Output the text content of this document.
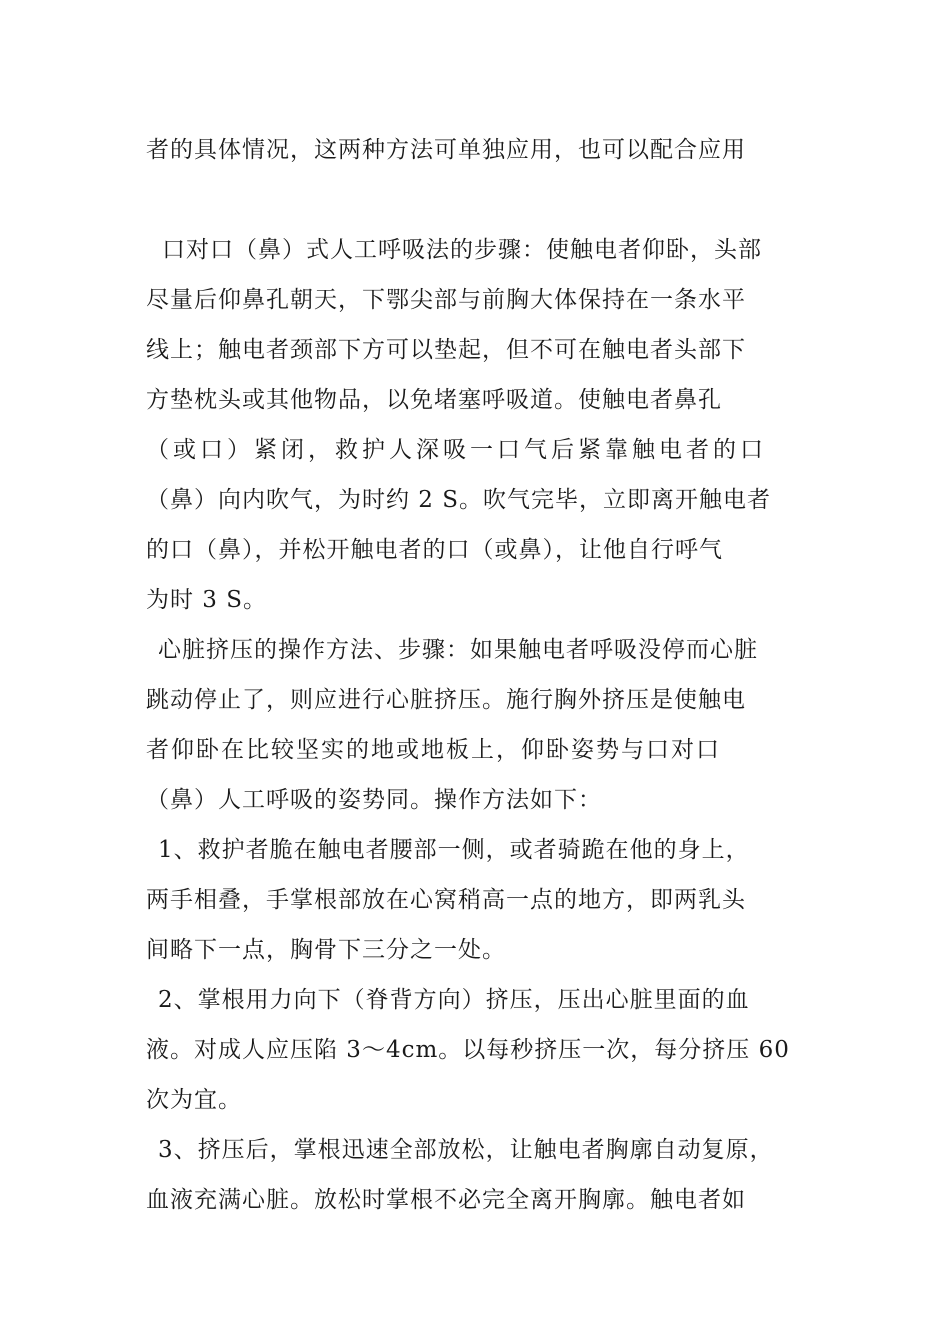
者的具体情况，这两种方法可单独应用，也可以配合应用
口对口（鼻）式人工呼吸法的步骤：使触电者仰卧，头部
尽量后仰鼻孔朝天，下鄂尖部与前胸大体保持在一条水平
线上；触电者颈部下方可以垫起，但不可在触电者头部下
方垫枕头或其他物品，以免堵塞呼吸道。使触电者鼻孔
（或口）紧闭，救护人深吸一口气后紧靠触电者的口
（鼻）向内吹气，为时约 2 S。吹气完毕，立即离开触电者
的口（鼻），并松开触电者的口（或鼻），让他自行呼气
为时 3 S。
心脏挤压的操作方法、步骤：如果触电者呼吸没停而心脏
跳动停止了，则应进行心脏挤压。施行胸外挤压是使触电
者仰卧在比较坚实的地或地板上，仰卧姿势与口对口
（鼻）人工呼吸的姿势同。操作方法如下：
1、救护者脆在触电者腰部一侧，或者骑跪在他的身上，
两手相叠，手掌根部放在心窝稍高一点的地方，即两乳头
间略下一点，胸骨下三分之一处。
2、掌根用力向下（脊背方向）挤压，压出心脏里面的血
液。对成人应压陷 3～4cm。以每秒挤压一次，每分挤压 60
次为宜。
3、挤压后，掌根迅速全部放松，让触电者胸廓自动复原，
血液充满心脏。放松时掌根不必完全离开胸廓。触电者如
